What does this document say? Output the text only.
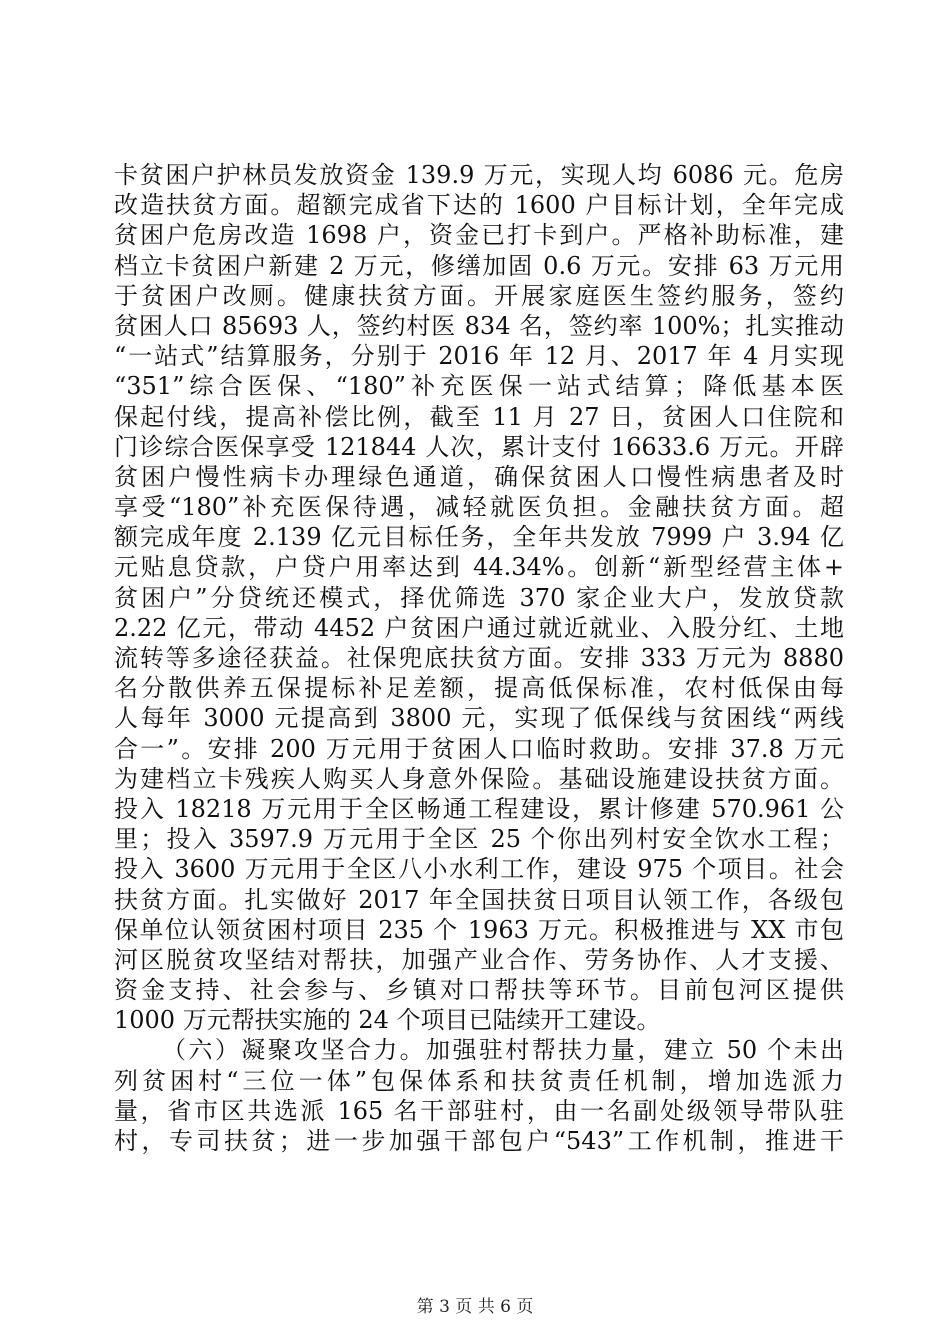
卡贫困户护林员发放资金 139.9 万元，实现人均 6086 元。危房
改造扶贫方面。超额完成省下达的 1600 户目标计划，全年完成
贫困户危房改造 1698 户，资金已打卡到户。严格补助标准，建
档立卡贫困户新建 2 万元，修缮加固 0.6 万元。安排 63 万元用
于贫困户改厕。健康扶贫方面。开展家庭医生签约服务，签约
贫困人口 85693 人，签约村医 834 名，签约率 100%；扎实推动
“一站式”结算服务，分别于 2016 年 12 月、2017 年 4 月实现
“351”综合医保、“180”补充医保一站式结算；降低基本医
保起付线，提高补偿比例，截至 11 月 27 日，贫困人口住院和
门诊综合医保享受 121844 人次，累计支付 16633.6 万元。开辟
贫困户慢性病卡办理绿色通道，确保贫困人口慢性病患者及时
享受“180”补充医保待遇，减轻就医负担。金融扶贫方面。超
额完成年度 2.139 亿元目标任务，全年共发放 7999 户 3.94 亿
元贴息贷款，户贷户用率达到 44.34%。创新“新型经营主体+
贫困户”分贷统还模式，择优筛选 370 家企业大户，发放贷款
2.22 亿元，带动 4452 户贫困户通过就近就业、入股分红、土地
流转等多途径获益。社保兜底扶贫方面。安排 333 万元为 8880
名分散供养五保提标补足差额，提高低保标准，农村低保由每
人每年 3000 元提高到 3800 元，实现了低保线与贫困线“两线
合一”。安排 200 万元用于贫困人口临时救助。安排 37.8 万元
为建档立卡残疾人购买人身意外保险。基础设施建设扶贫方面。
投入 18218 万元用于全区畅通工程建设，累计修建 570.961 公
里；投入 3597.9 万元用于全区 25 个你出列村安全饮水工程；
投入 3600 万元用于全区八小水利工作，建设 975 个项目。社会
扶贫方面。扎实做好 2017 年全国扶贫日项目认领工作，各级包
保单位认领贫困村项目 235 个 1963 万元。积极推进与 XX 市包
河区脱贫攻坚结对帮扶，加强产业合作、劳务协作、人才支援、
资金支持、社会参与、乡镇对口帮扶等环节。目前包河区提供
1000 万元帮扶实施的 24 个项目已陆续开工建设。
（六）凝聚攻坚合力。加强驻村帮扶力量，建立 50 个未出
列贫困村“三位一体”包保体系和扶贫责任机制，增加选派力
量，省市区共选派 165 名干部驻村，由一名副处级领导带队驻
村，专司扶贫；进一步加强干部包户“543”工作机制，推进干
第 3 页 共 6 页
